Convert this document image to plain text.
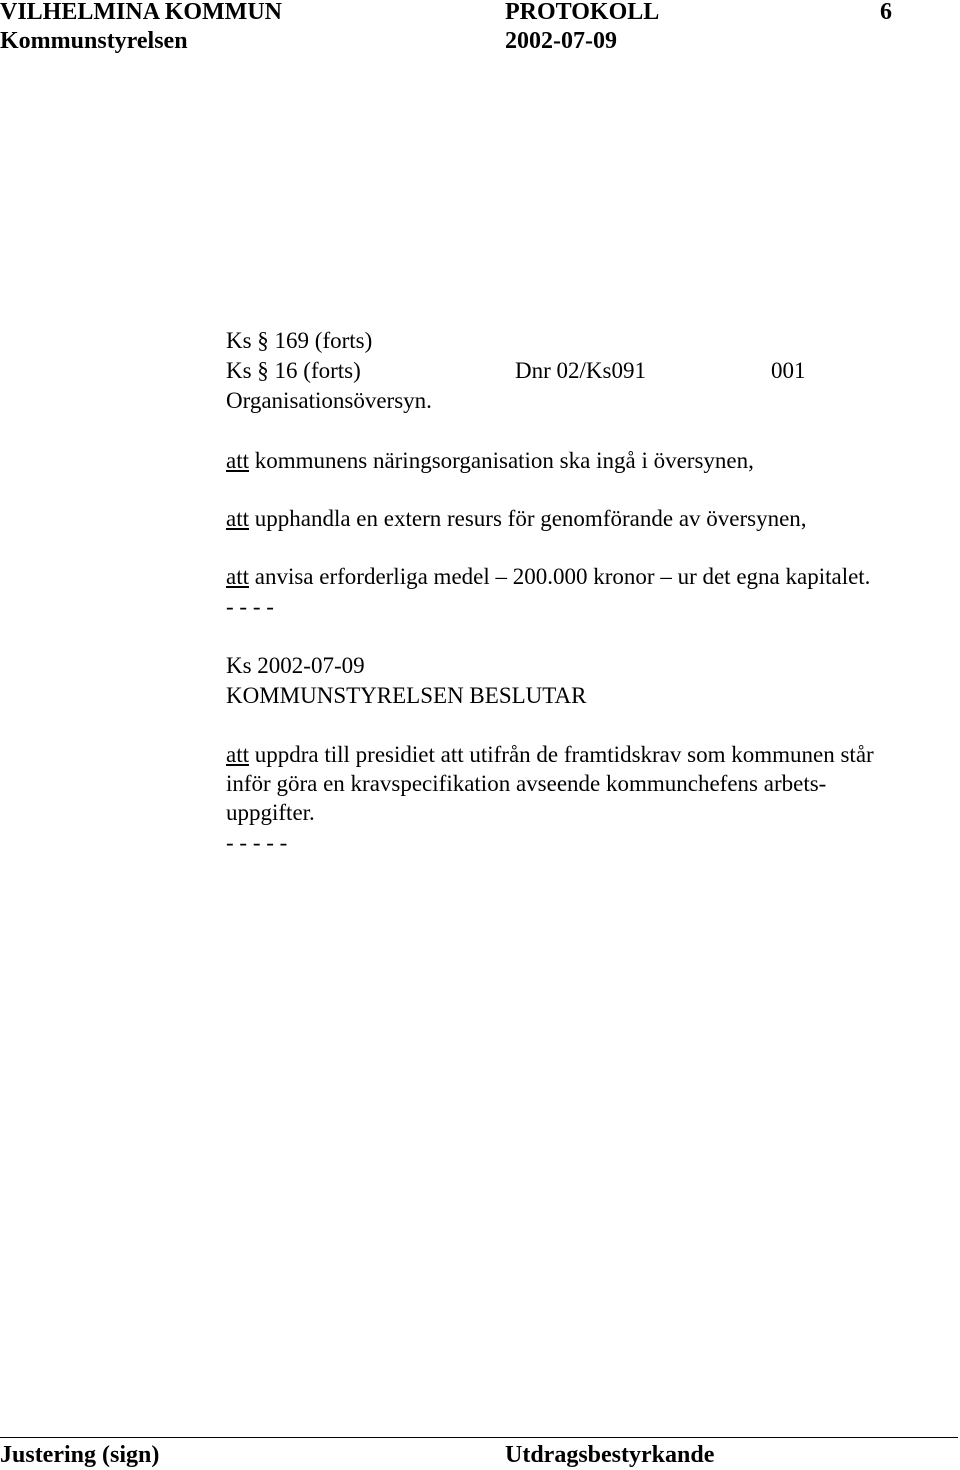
VILHELMINA KOMMUN	PROTOKOLL	6
Kommunstyrelsen	2002-07-09
Ks § 169 (forts)
Ks § 16 (forts)	Dnr 02/Ks091	001
Organisationsöversyn.
att kommunens näringsorganisation ska ingå i översynen,
att upphandla en extern resurs för genomförande av översynen,
att anvisa erforderliga medel – 200.000 kronor – ur det egna kapitalet.
- - - -
Ks 2002-07-09
KOMMUNSTYRELSEN BESLUTAR
att uppdra till presidiet att utifrån de framtidskrav som kommunen står
inför göra en kravspecifikation avseende kommunchefens arbets-
uppgifter.
- - - - -
Justering (sign)	Utdragsbestyrkande
